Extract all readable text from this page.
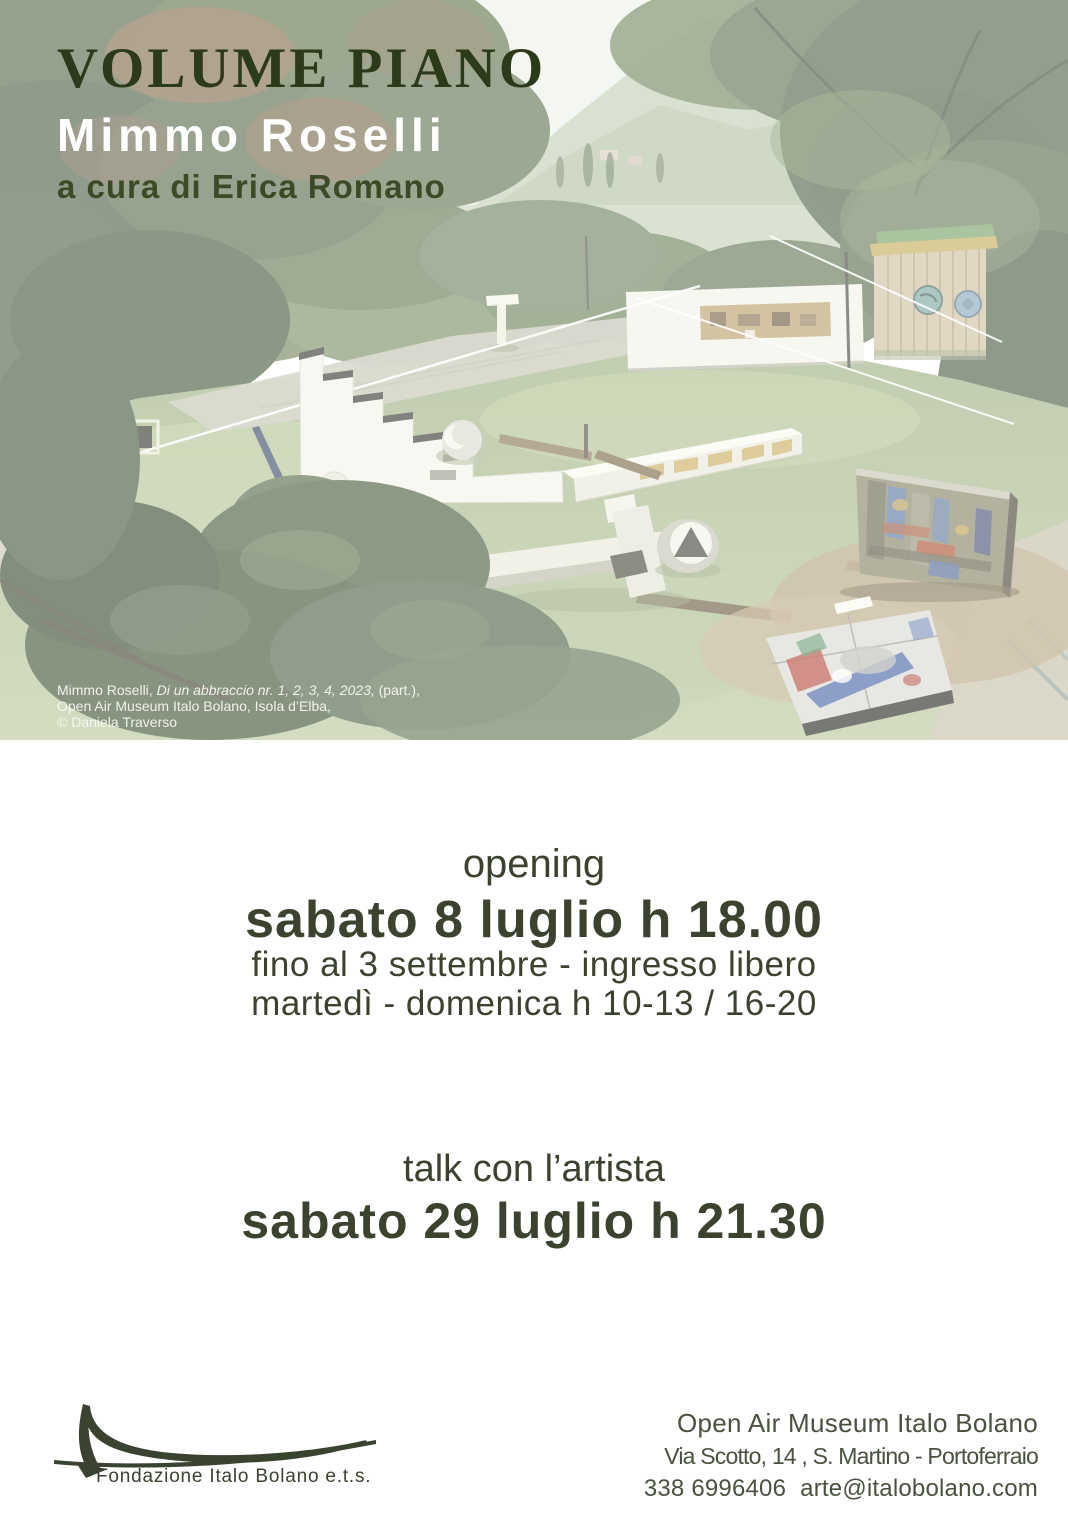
VOLUME PIANO
Mimmo Roselli
a cura di Erica Romano
Mimmo Roselli, Di un abbraccio nr. 1, 2, 3, 4, 2023, (part.),
Open Air Museum Italo Bolano, Isola d’Elba,
© Daniela Traverso
opening
sabato 8 luglio h 18.00
fino al 3 settembre - ingresso libero
martedì - domenica h 10-13 / 16-20
talk con l’artista
sabato 29 luglio h 21.30
Fondazione Italo Bolano e.t.s.
Open Air Museum Italo Bolano
Via Scotto, 14 , S. Martino - Portoferraio
338 6996406 arte@italobolano.com
